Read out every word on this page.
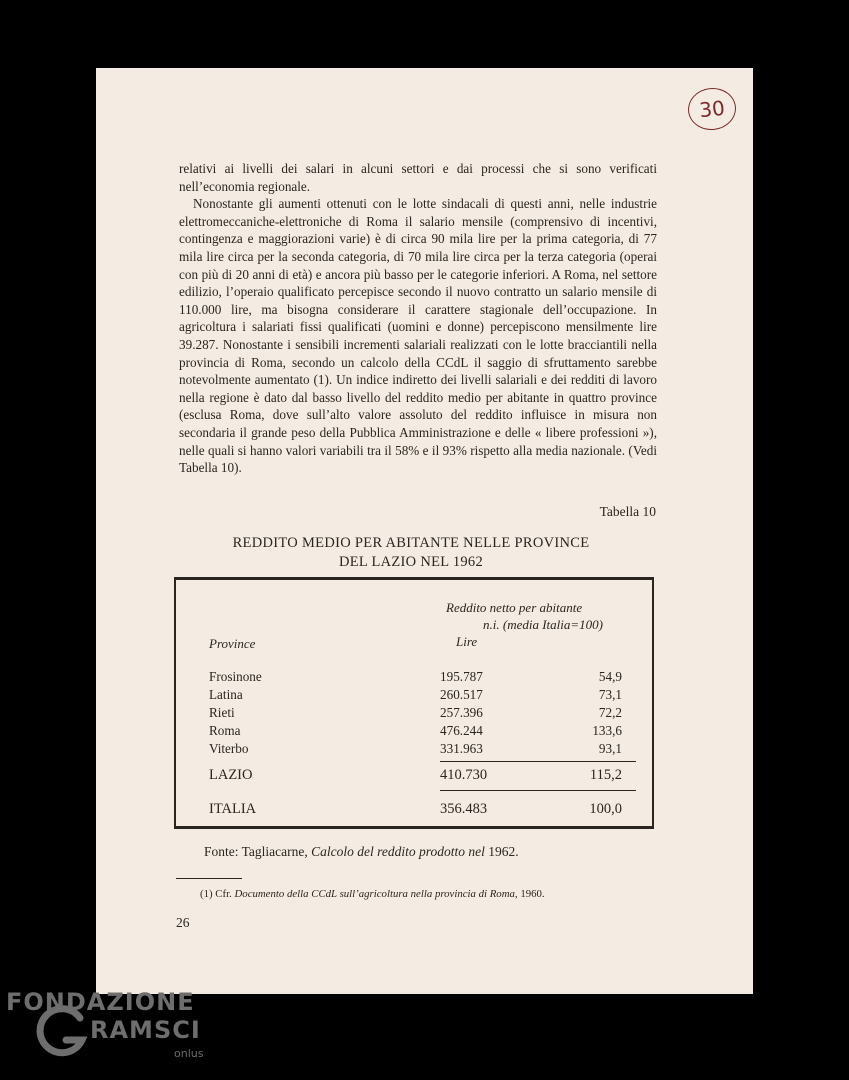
30

relativi ai livelli dei salari in alcuni settori e dai processi che si sono verificati nell’economia regionale.

Nonostante gli aumenti ottenuti con le lotte sindacali di questi anni, nelle industrie elettromeccaniche-elettroniche di Roma il salario mensile (comprensivo di incentivi, contingenza e maggiorazioni varie) è di circa 90 mila lire per la prima categoria, di 77 mila lire circa per la seconda categoria, di 70 mila lire circa per la terza categoria (operai con più di 20 anni di età) e ancora più basso per le categorie inferiori. A Roma, nel settore edilizio, l’operaio qualificato percepisce secondo il nuovo contratto un salario mensile di 110.000 lire, ma bisogna considerare il carattere stagionale dell’occupazione. In agricoltura i salariati fissi qualificati (uomini e donne) percepiscono mensilmente lire 39.287. Nonostante i sensibili incrementi salariali realizzati con le lotte bracciantili nella provincia di Roma, secondo un calcolo della CCdL il saggio di sfruttamento sarebbe notevolmente aumentato (1). Un indice indiretto dei livelli salariali e dei redditi di lavoro nella regione è dato dal basso livello del reddito medio per abitante in quattro province (esclusa Roma, dove sull’alto valore assoluto del reddito influisce in misura non secondaria il grande peso della Pubblica Amministrazione e delle « libere professioni »), nelle quali si hanno valori variabili tra il 58% e il 93% rispetto alla media nazionale. (Vedi Tabella 10).

Tabella 10
REDDITO MEDIO PER ABITANTE NELLE PROVINCE
DEL LAZIO NEL 1962
Reddito netto per abitante
n.i. (media Italia=100)
Province	Lire
Frosinone	195.787	54,9
Latina	260.517	73,1
Rieti	257.396	72,2
Roma	476.244	133,6
Viterbo	331.963	93,1
LAZIO	410.730	115,2
ITALIA	356.483	100,0
Fonte: Tagliacarne, Calcolo del reddito prodotto nel 1962.
(1) Cfr. Documento della CCdL sull’agricoltura nella provincia di Roma, 1960.
26
FONDAZIONE
RAMSCI
onlus
